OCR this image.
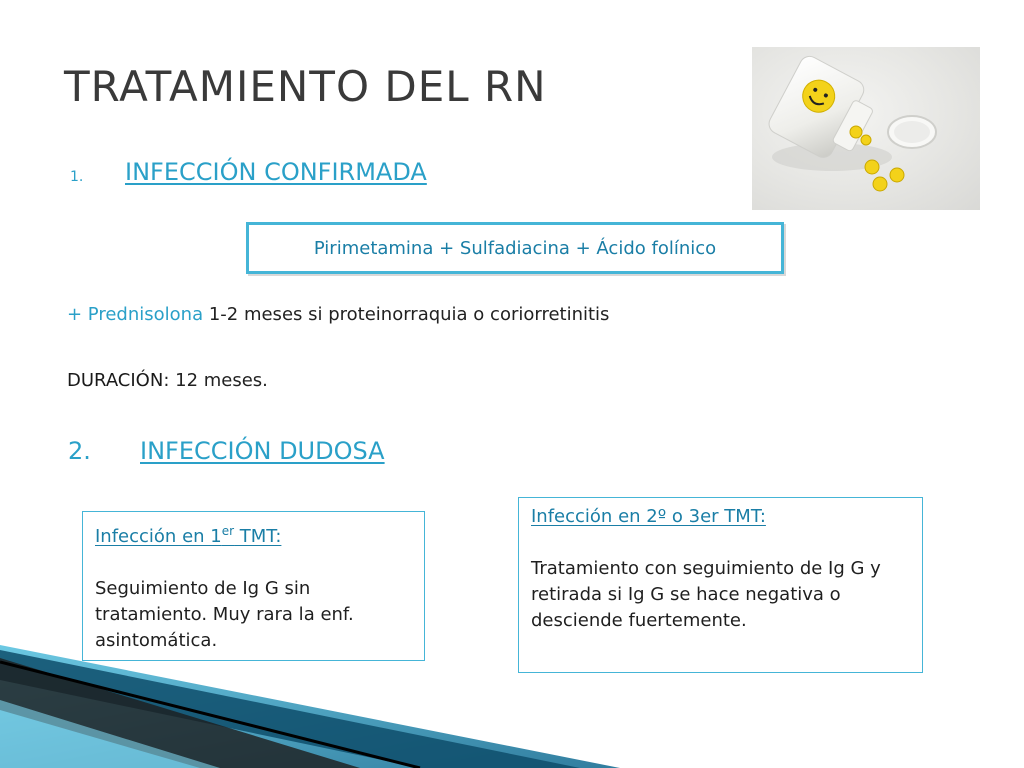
TRATAMIENTO DEL RN
1. INFECCIÓN CONFIRMADA
Pirimetamina + Sulfadiacina + Ácido folínico
+ Prednisolona 1-2 meses si proteinorraquia o coriorretinitis
DURACIÓN: 12 meses.
2. INFECCIÓN DUDOSA
Infección en 1er TMT:
Seguimiento de Ig G sin tratamiento. Muy rara la enf. asintomática.
Infección en 2º o 3er TMT:
Tratamiento con seguimiento de Ig G y retirada si Ig G se hace negativa o desciende fuertemente.
